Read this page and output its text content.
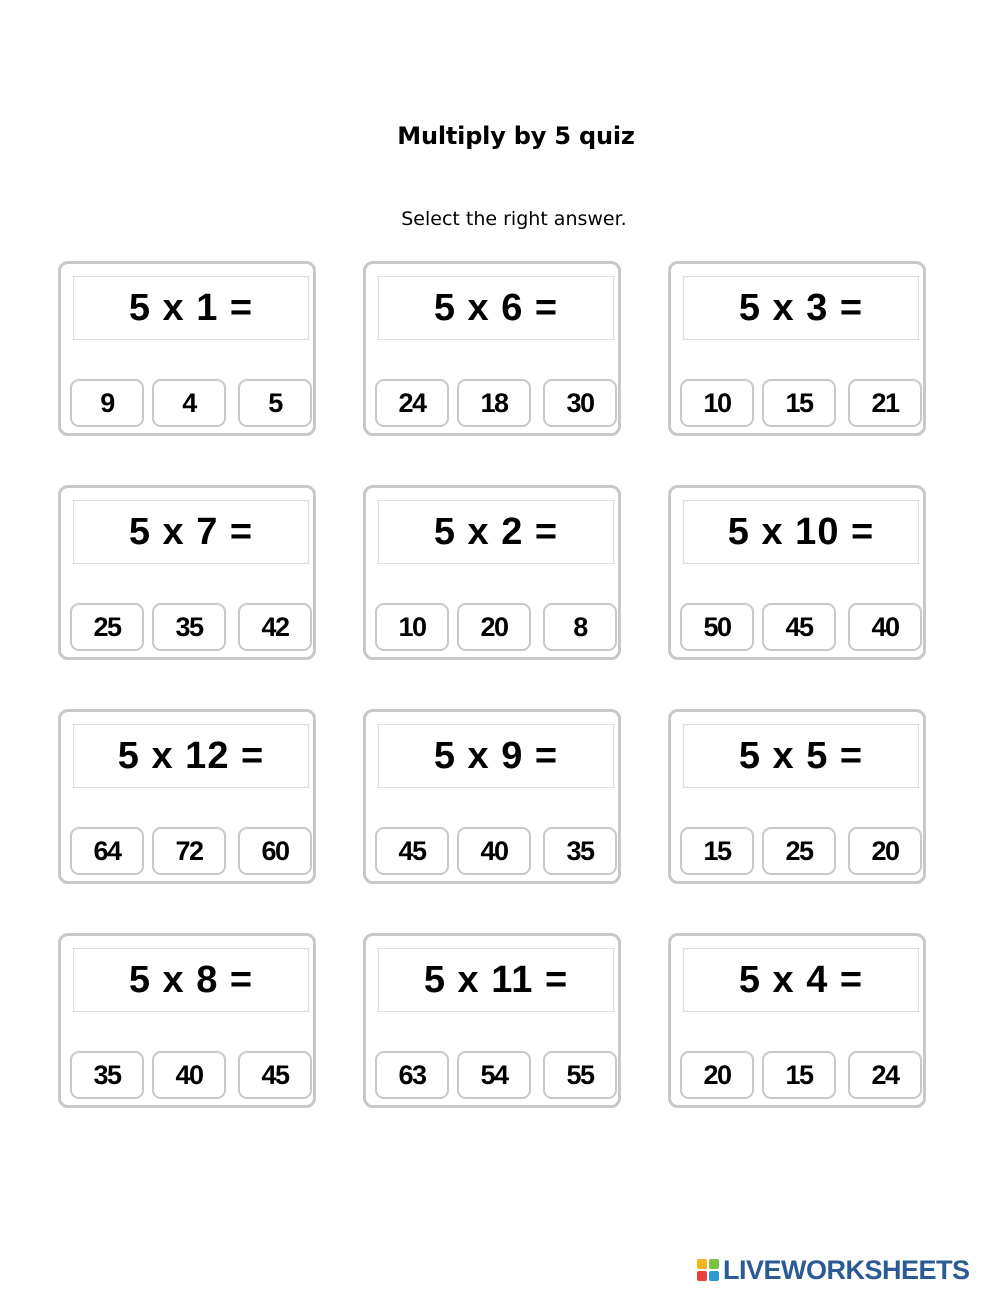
Multiply by 5 quiz
Select the right answer.
5 x 1 =
9	4	5
5 x 6 =
24	18	30
5 x 3 =
10	15	21
5 x 7 =
25	35	42
5 x 2 =
10	20	8
5 x 10 =
50	45	40
5 x 12 =
64	72	60
5 x 9 =
45	40	35
5 x 5 =
15	25	20
5 x 8 =
35	40	45
5 x 11 =
63	54	55
5 x 4 =
20	15	24
LIVEWORKSHEETS
